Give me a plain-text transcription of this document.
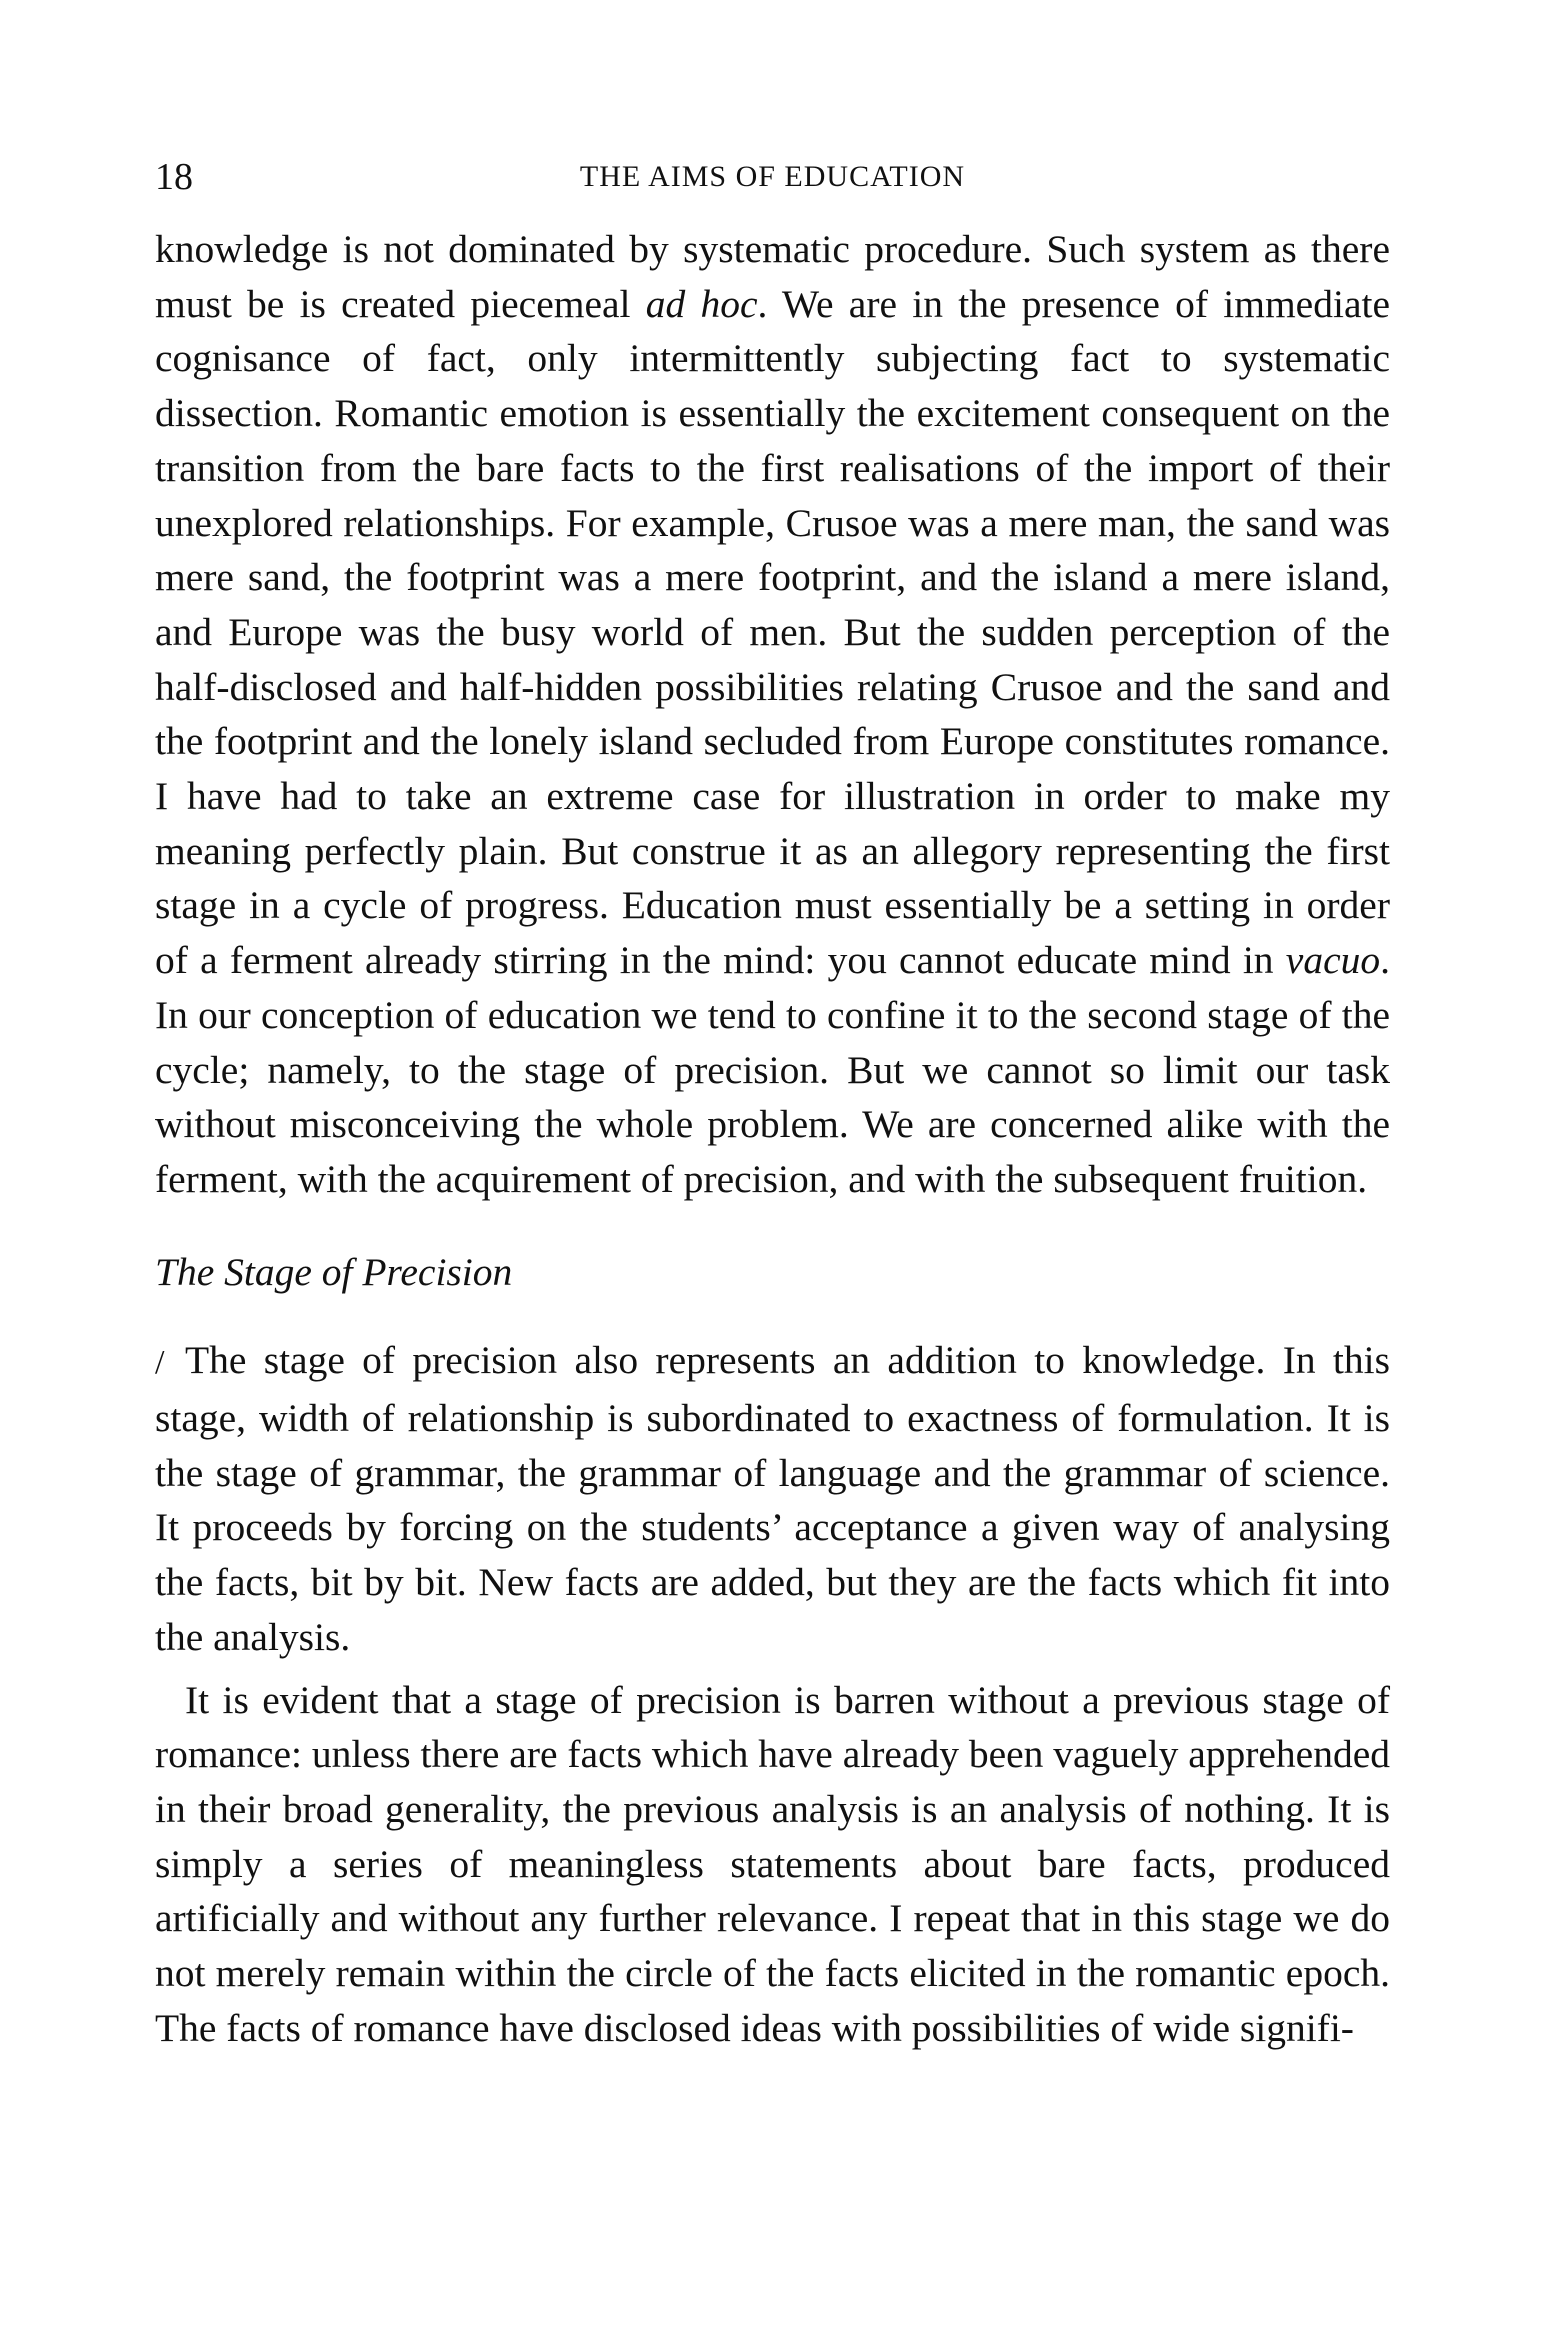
18	THE AIMS OF EDUCATION

knowledge is not dominated by systematic procedure. Such system as there must be is created piecemeal ad hoc. We are in the presence of immediate cognisance of fact, only intermittently subjecting fact to systematic dissection. Romantic emotion is essentially the excitement consequent on the transition from the bare facts to the first realisations of the import of their unexplored relationships. For example, Crusoe was a mere man, the sand was mere sand, the footprint was a mere footprint, and the island a mere island, and Europe was the busy world of men. But the sudden perception of the half-disclosed and half-hidden possibilities relating Crusoe and the sand and the footprint and the lonely island secluded from Europe constitutes romance. I have had to take an extreme case for illustration in order to make my meaning perfectly plain. But construe it as an allegory representing the first stage in a cycle of progress. Education must essentially be a setting in order of a ferment already stirring in the mind: you cannot educate mind in vacuo. In our conception of education we tend to confine it to the second stage of the cycle; namely, to the stage of precision. But we cannot so limit our task without misconceiving the whole problem. We are concerned alike with the ferment, with the acquirement of precision, and with the subsequent fruition.

The Stage of Precision

/ The stage of precision also represents an addition to knowledge. In this stage, width of relationship is subordinated to exactness of formulation. It is the stage of grammar, the grammar of language and the grammar of science. It proceeds by forcing on the students’ acceptance a given way of analysing the facts, bit by bit. New facts are added, but they are the facts which fit into the analysis.

It is evident that a stage of precision is barren without a previous stage of romance: unless there are facts which have already been vaguely apprehended in their broad generality, the previous analysis is an analysis of nothing. It is simply a series of meaningless statements about bare facts, produced artificially and without any further relevance. I repeat that in this stage we do not merely remain within the circle of the facts elicited in the romantic epoch. The facts of romance have disclosed ideas with possibilities of wide signifi-
